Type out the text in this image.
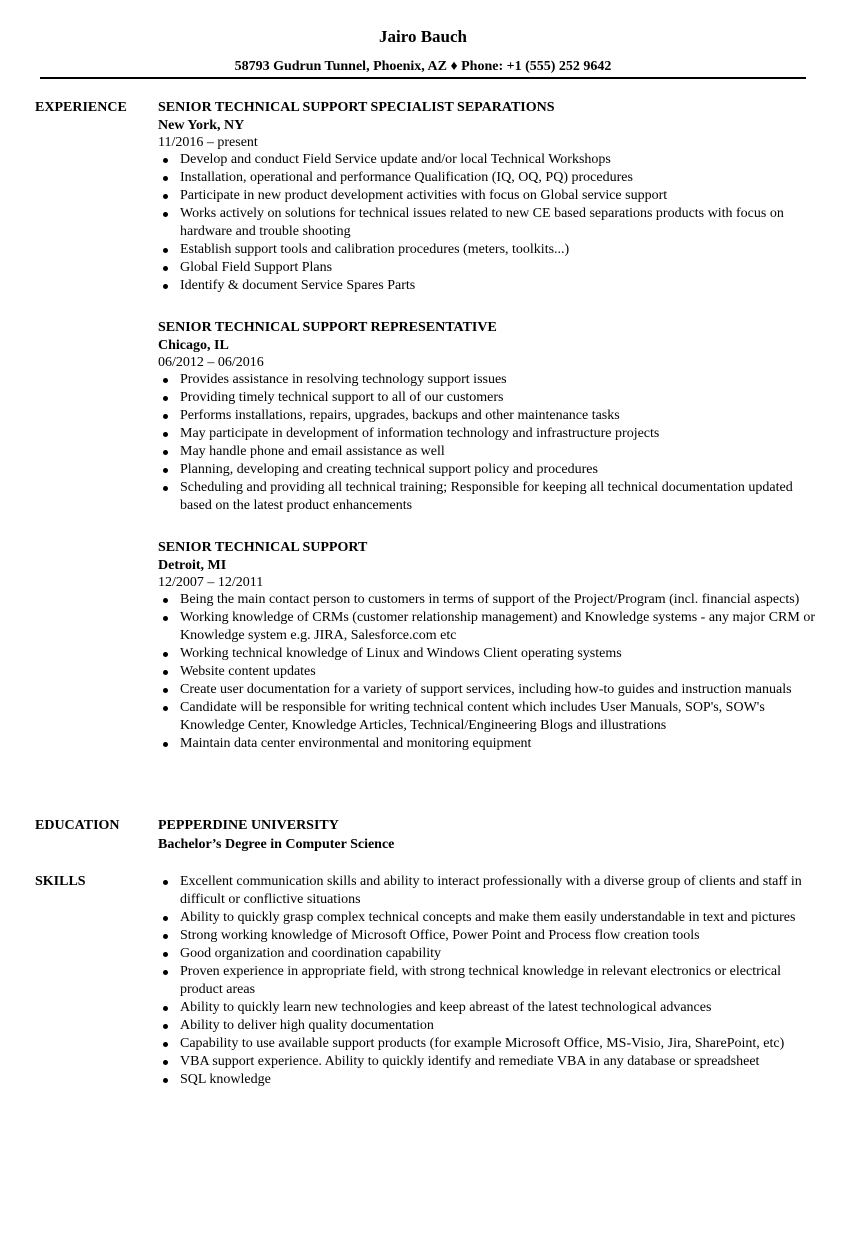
Jairo Bauch
58793 Gudrun Tunnel, Phoenix, AZ ♦ Phone: +1 (555) 252 9642
EXPERIENCE SENIOR TECHNICAL SUPPORT SPECIALIST SEPARATIONS
New York, NY
11/2016 – present
Develop and conduct Field Service update and/or local Technical Workshops
Installation, operational and performance Qualification (IQ, OQ, PQ) procedures
Participate in new product development activities with focus on Global service support
Works actively on solutions for technical issues related to new CE based separations products with focus on hardware and trouble shooting
Establish support tools and calibration procedures (meters, toolkits...)
Global Field Support Plans
Identify & document Service Spares Parts
SENIOR TECHNICAL SUPPORT REPRESENTATIVE
Chicago, IL
06/2012 – 06/2016
Provides assistance in resolving technology support issues
Providing timely technical support to all of our customers
Performs installations, repairs, upgrades, backups and other maintenance tasks
May participate in development of information technology and infrastructure projects
May handle phone and email assistance as well
Planning, developing and creating technical support policy and procedures
Scheduling and providing all technical training; Responsible for keeping all technical documentation updated based on the latest product enhancements
SENIOR TECHNICAL SUPPORT
Detroit, MI
12/2007 – 12/2011
Being the main contact person to customers in terms of support of the Project/Program (incl. financial aspects)
Working knowledge of CRMs (customer relationship management) and Knowledge systems - any major CRM or Knowledge system e.g. JIRA, Salesforce.com etc
Working technical knowledge of Linux and Windows Client operating systems
Website content updates
Create user documentation for a variety of support services, including how-to guides and instruction manuals
Candidate will be responsible for writing technical content which includes User Manuals, SOP's, SOW's Knowledge Center, Knowledge Articles, Technical/Engineering Blogs and illustrations
Maintain data center environmental and monitoring equipment
EDUCATION	PEPPERDINE UNIVERSITY
Bachelor’s Degree in Computer Science
SKILLS	Excellent communication skills and ability to interact professionally with a diverse group of clients and staff in difficult or conflictive situations
Ability to quickly grasp complex technical concepts and make them easily understandable in text and pictures
Strong working knowledge of Microsoft Office, Power Point and Process flow creation tools
Good organization and coordination capability
Proven experience in appropriate field, with strong technical knowledge in relevant electronics or electrical product areas
Ability to quickly learn new technologies and keep abreast of the latest technological advances
Ability to deliver high quality documentation
Capability to use available support products (for example Microsoft Office, MS-Visio, Jira, SharePoint, etc)
VBA support experience. Ability to quickly identify and remediate VBA in any database or spreadsheet
SQL knowledge
